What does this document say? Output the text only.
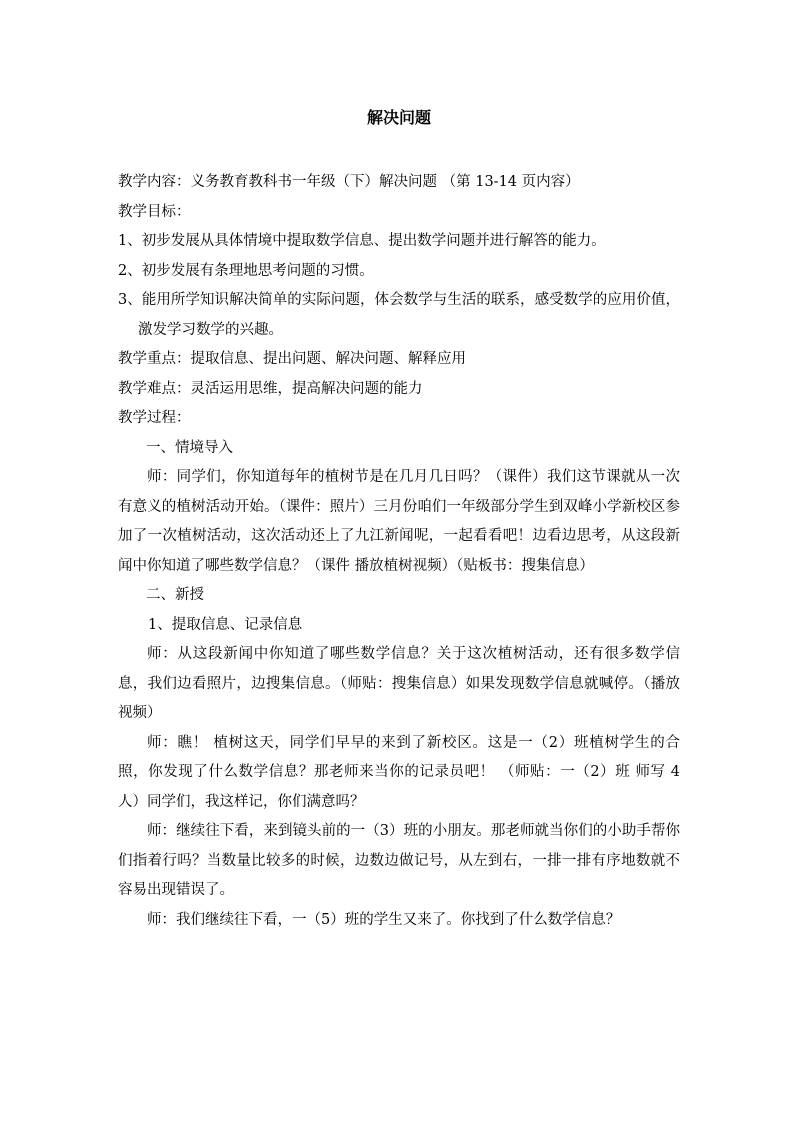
解决问题

教学内容：义务教育教科书一年级（下）解决问题 （第 13-14 页内容）

教学目标：

1、初步发展从具体情境中提取数学信息、提出数学问题并进行解答的能力。

2、初步发展有条理地思考问题的习惯。

3、能用所学知识解决简单的实际问题，体会数学与生活的联系，感受数学的应用价值，激发学习数学的兴趣。

教学重点：提取信息、提出问题、解决问题、解释应用

教学难点：灵活运用思维，提高解决问题的能力

教学过程：

一、情境导入

师：同学们，你知道每年的植树节是在几月几日吗？（课件）我们这节课就从一次有意义的植树活动开始。（课件：照片）三月份咱们一年级部分学生到双峰小学新校区参加了一次植树活动，这次活动还上了九江新闻呢，一起看看吧！边看边思考，从这段新闻中你知道了哪些数学信息？（课件 播放植树视频）（贴板书：搜集信息）

二、新授

1、提取信息、记录信息

师：从这段新闻中你知道了哪些数学信息？关于这次植树活动，还有很多数学信息，我们边看照片，边搜集信息。（师贴：搜集信息）如果发现数学信息就喊停。（播放视频）

师：瞧！ 植树这天，同学们早早的来到了新校区。这是一（2）班植树学生的合照，你发现了什么数学信息？那老师来当你的记录员吧！ （师贴：一（2）班 师写 4 人）同学们，我这样记，你们满意吗？

师：继续往下看，来到镜头前的一（3）班的小朋友。那老师就当你们的小助手帮你们指着行吗？当数量比较多的时候，边数边做记号，从左到右，一排一排有序地数就不容易出现错误了。

师：我们继续往下看，一（5）班的学生又来了。你找到了什么数学信息？
